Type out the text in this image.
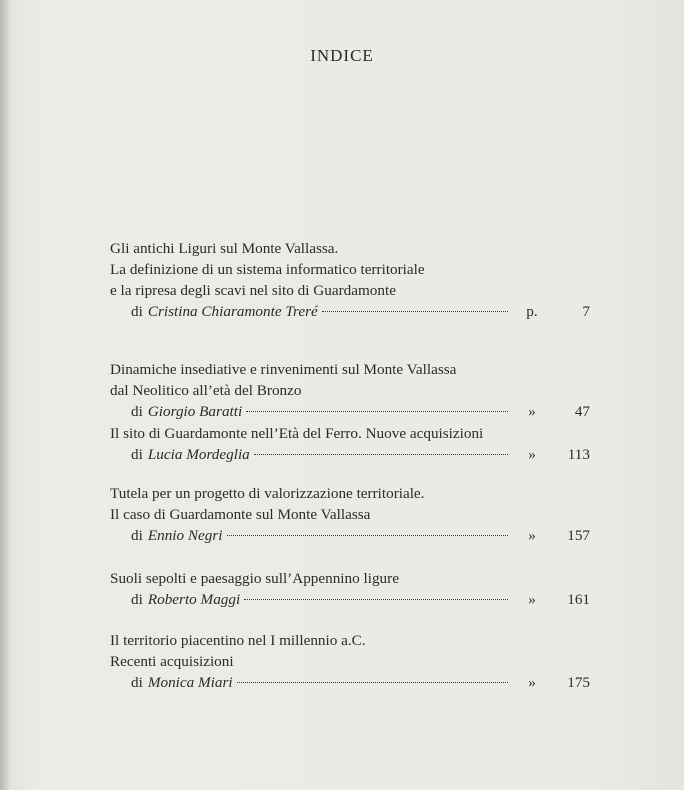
INDICE
Gli antichi Liguri sul Monte Vallassa.
La definizione di un sistema informatico territoriale
e la ripresa degli scavi nel sito di Guardamonte
di Cristina Chiaramonte Treré	p.	7
Dinamiche insediative e rinvenimenti sul Monte Vallassa
dal Neolitico all’età del Bronzo
di Giorgio Baratti	»	47
Il sito di Guardamonte nell’Età del Ferro. Nuove acquisizioni
di Lucia Mordeglia	»	113
Tutela per un progetto di valorizzazione territoriale.
Il caso di Guardamonte sul Monte Vallassa
di Ennio Negri	»	157
Suoli sepolti e paesaggio sull’Appennino ligure
di Roberto Maggi	»	161
Il territorio piacentino nel I millennio a.C.
Recenti acquisizioni
di Monica Miari	»	175
